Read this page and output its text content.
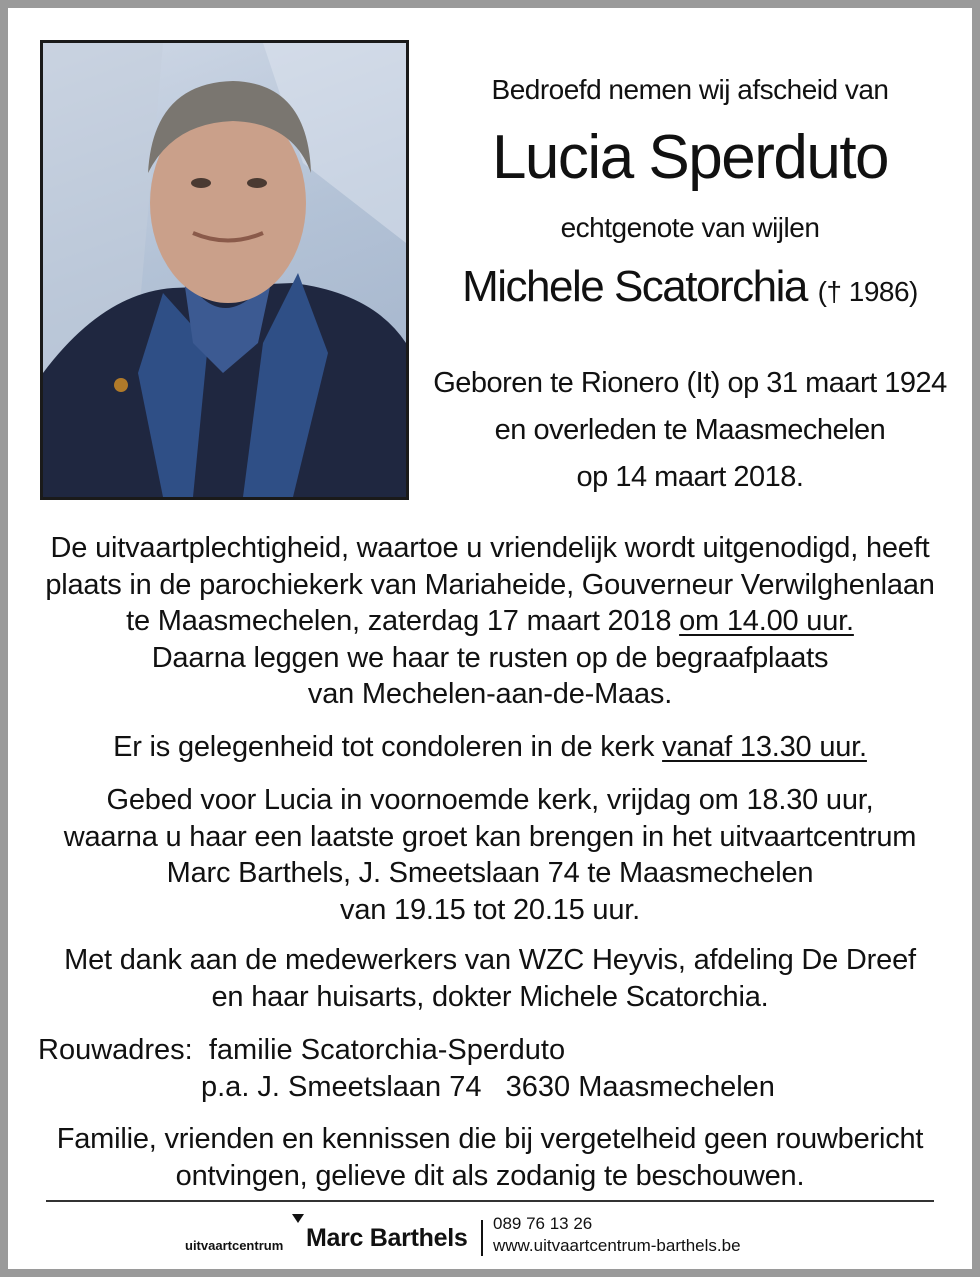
Bedroefd nemen wij afscheid van
Lucia Sperduto
echtgenote van wijlen
Michele Scatorchia († 1986)
Geboren te Rionero (It) op 31 maart 1924
en overleden te Maasmechelen
op 14 maart 2018.
De uitvaartplechtigheid, waartoe u vriendelijk wordt uitgenodigd, heeft
plaats in de parochiekerk van Mariaheide, Gouverneur Verwilghenlaan
te Maasmechelen, zaterdag 17 maart 2018 om 14.00 uur.
Daarna leggen we haar te rusten op de begraafplaats
van Mechelen-aan-de-Maas.
Er is gelegenheid tot condoleren in de kerk vanaf 13.30 uur.
Gebed voor Lucia in voornoemde kerk, vrijdag om 18.30 uur,
waarna u haar een laatste groet kan brengen in het uitvaartcentrum
Marc Barthels, J. Smeetslaan 74 te Maasmechelen
van 19.15 tot 20.15 uur.
Met dank aan de medewerkers van WZC Heyvis, afdeling De Dreef
en haar huisarts, dokter Michele Scatorchia.
Rouwadres: familie Scatorchia-Sperduto
p.a. J. Smeetslaan 74 3630 Maasmechelen
Familie, vrienden en kennissen die bij vergetelheid geen rouwbericht
ontvingen, gelieve dit als zodanig te beschouwen.
uitvaartcentrum Marc Barthels
089 76 13 26
www.uitvaartcentrum-barthels.be
